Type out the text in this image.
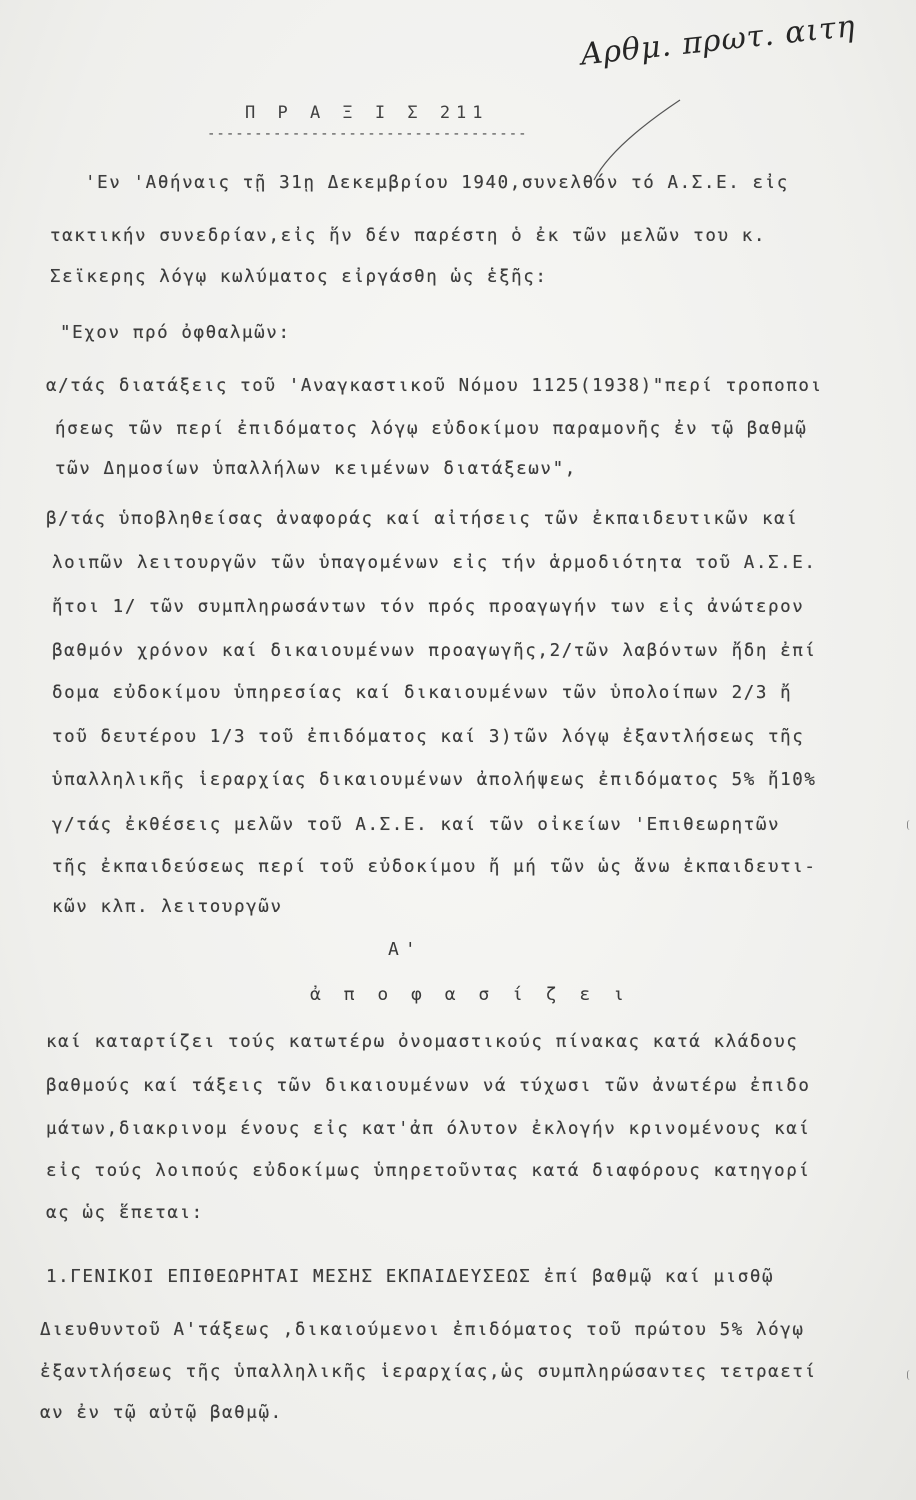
Αρθμ. πρωτ. αιτη
Π Ρ Α Ξ Ι Σ 211
----------------------------------
'Εν 'Αθήναις τῇ 31ῃ Δεκεμβρίου 1940,συνελθόν τό Α.Σ.Ε. εἰς
τακτικήν συνεδρίαν,εἰς ἥν δέν παρέστη ὁ ἐκ τῶν μελῶν του κ.
Σεϊκερης λόγῳ κωλύματος εἰργάσθη ὡς ἑξῆς:
"Εχον πρό ὀφθαλμῶν:
α/τάς διατάξεις τοῦ 'Αναγκαστικοῦ Νόμου 1125(1938)"περί τροποποι
ήσεως τῶν περί ἐπιδόματος λόγῳ εὐδοκίμου παραμονῆς ἐν τῷ βαθμῷ
τῶν Δημοσίων ὑπαλλήλων κειμένων διατάξεων",
β/τάς ὑποβληθείσας ἀναφοράς καί αἰτήσεις τῶν ἐκπαιδευτικῶν καί
λοιπῶν λειτουργῶν τῶν ὑπαγομένων εἰς τήν ἁρμοδιότητα τοῦ Α.Σ.Ε.
ἤτοι 1/ τῶν συμπληρωσάντων τόν πρός προαγωγήν των εἰς ἀνώτερον
βαθμόν χρόνον καί δικαιουμένων προαγωγῆς,2/τῶν λαβόντων ἤδη ἐπί
δομα εὐδοκίμου ὑπηρεσίας καί δικαιουμένων τῶν ὑπολοίπων 2/3 ἤ
τοῦ δευτέρου 1/3 τοῦ ἐπιδόματος καί 3)τῶν λόγῳ ἐξαντλήσεως τῆς
ὑπαλληλικῆς ἱεραρχίας δικαιουμένων ἀπολήψεως ἐπιδόματος 5% ἤ10%
γ/τάς ἐκθέσεις μελῶν τοῦ Α.Σ.Ε. καί τῶν οἰκείων 'Επιθεωρητῶν
τῆς ἐκπαιδεύσεως περί τοῦ εὐδοκίμου ἤ μή τῶν ὡς ἄνω ἐκπαιδευτι-
κῶν κλπ. λειτουργῶν
Α'
ἀ π ο φ α σ ί ζ ε ι
καί καταρτίζει τούς κατωτέρω ὀνομαστικούς πίνακας κατά κλάδους
βαθμούς καί τάξεις τῶν δικαιουμένων νά τύχωσι τῶν ἀνωτέρω ἐπιδο
μάτων,διακρινομ ένους εἰς κατ'ἀπ όλυτον ἐκλογήν κρινομένους καί
εἰς τούς λοιπούς εὐδοκίμως ὑπηρετοῦντας κατά διαφόρους κατηγορί
ας ὡς ἕπεται:
1.ΓΕΝΙΚΟΙ ΕΠΙΘΕΩΡΗΤΑΙ ΜΕΣΗΣ ΕΚΠΑΙΔΕΥΣΕΩΣ ἐπί βαθμῷ καί μισθῷ
Διευθυντοῦ Α'τάξεως ,δικαιούμενοι ἐπιδόματος τοῦ πρώτου 5% λόγῳ
ἐξαντλήσεως τῆς ὑπαλληλικῆς ἱεραρχίας,ὡς συμπληρώσαντες τετραετί
αν ἐν τῷ αὐτῷ βαθμῷ.
